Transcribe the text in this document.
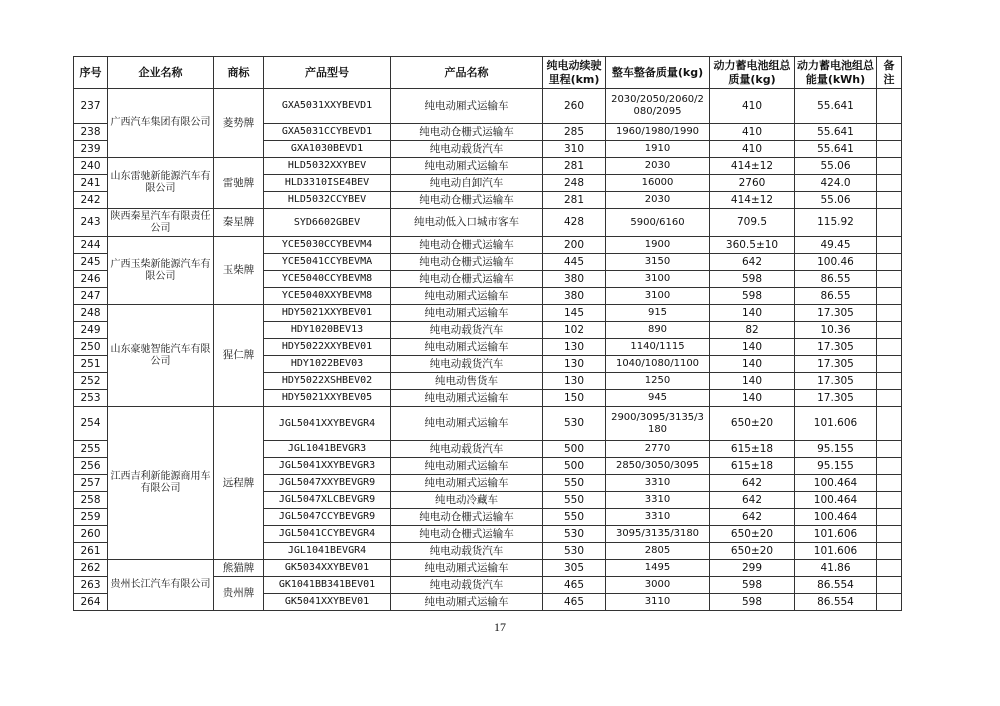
序号	企业名称	商标	产品型号	产品名称	纯电动续驶里程(km)	整车整备质量(kg)	动力蓄电池组总质量(kg)	动力蓄电池组总能量(kWh)	备注
237	广西汽车集团有限公司	菱势牌	GXA5031XXYBEVD1	纯电动厢式运输车	260	2030/2050/2060/2080/2095	410	55.641	
238			GXA5031CCYBEVD1	纯电动仓栅式运输车	285	1960/1980/1990	410	55.641	
239			GXA1030BEVD1	纯电动载货汽车	310	1910	410	55.641	
240	山东雷驰新能源汽车有限公司	雷驰牌	HLD5032XXYBEV	纯电动厢式运输车	281	2030	414±12	55.06	
241			HLD3310ISE4BEV	纯电动自卸汽车	248	16000	2760	424.0	
242			HLD5032CCYBEV	纯电动仓栅式运输车	281	2030	414±12	55.06	
243	陕西秦星汽车有限责任公司	秦星牌	SYD6602GBEV	纯电动低入口城市客车	428	5900/6160	709.5	115.92	
244	广西玉柴新能源汽车有限公司	玉柴牌	YCE5030CCYBEVM4	纯电动仓栅式运输车	200	1900	360.5±10	49.45	
245			YCE5041CCYBEVMA	纯电动仓栅式运输车	445	3150	642	100.46	
246			YCE5040CCYBEVM8	纯电动仓栅式运输车	380	3100	598	86.55	
247			YCE5040XXYBEVM8	纯电动厢式运输车	380	3100	598	86.55	
248	山东豪驰智能汽车有限公司	猩仁牌	HDY5021XXYBEV01	纯电动厢式运输车	145	915	140	17.305	
249			HDY1020BEV13	纯电动载货汽车	102	890	82	10.36	
250			HDY5022XXYBEV01	纯电动厢式运输车	130	1140/1115	140	17.305	
251			HDY1022BEV03	纯电动载货汽车	130	1040/1080/1100	140	17.305	
252			HDY5022XSHBEV02	纯电动售货车	130	1250	140	17.305	
253			HDY5021XXYBEV05	纯电动厢式运输车	150	945	140	17.305	
254	江西吉利新能源商用车有限公司	远程牌	JGL5041XXYBEVGR4	纯电动厢式运输车	530	2900/3095/3135/3180	650±20	101.606	
255			JGL1041BEVGR3	纯电动载货汽车	500	2770	615±18	95.155	
256			JGL5041XXYBEVGR3	纯电动厢式运输车	500	2850/3050/3095	615±18	95.155	
257			JGL5047XXYBEVGR9	纯电动厢式运输车	550	3310	642	100.464	
258			JGL5047XLCBEVGR9	纯电动冷藏车	550	3310	642	100.464	
259			JGL5047CCYBEVGR9	纯电动仓栅式运输车	550	3310	642	100.464	
260			JGL5041CCYBEVGR4	纯电动仓栅式运输车	530	3095/3135/3180	650±20	101.606	
261			JGL1041BEVGR4	纯电动载货汽车	530	2805	650±20	101.606	
262	贵州长江汽车有限公司	熊猫牌	GK5034XXYBEV01	纯电动厢式运输车	305	1495	299	41.86	
263		贵州牌	GK1041BB341BEV01	纯电动载货汽车	465	3000	598	86.554	
264			GK5041XXYBEV01	纯电动厢式运输车	465	3110	598	86.554	
17
